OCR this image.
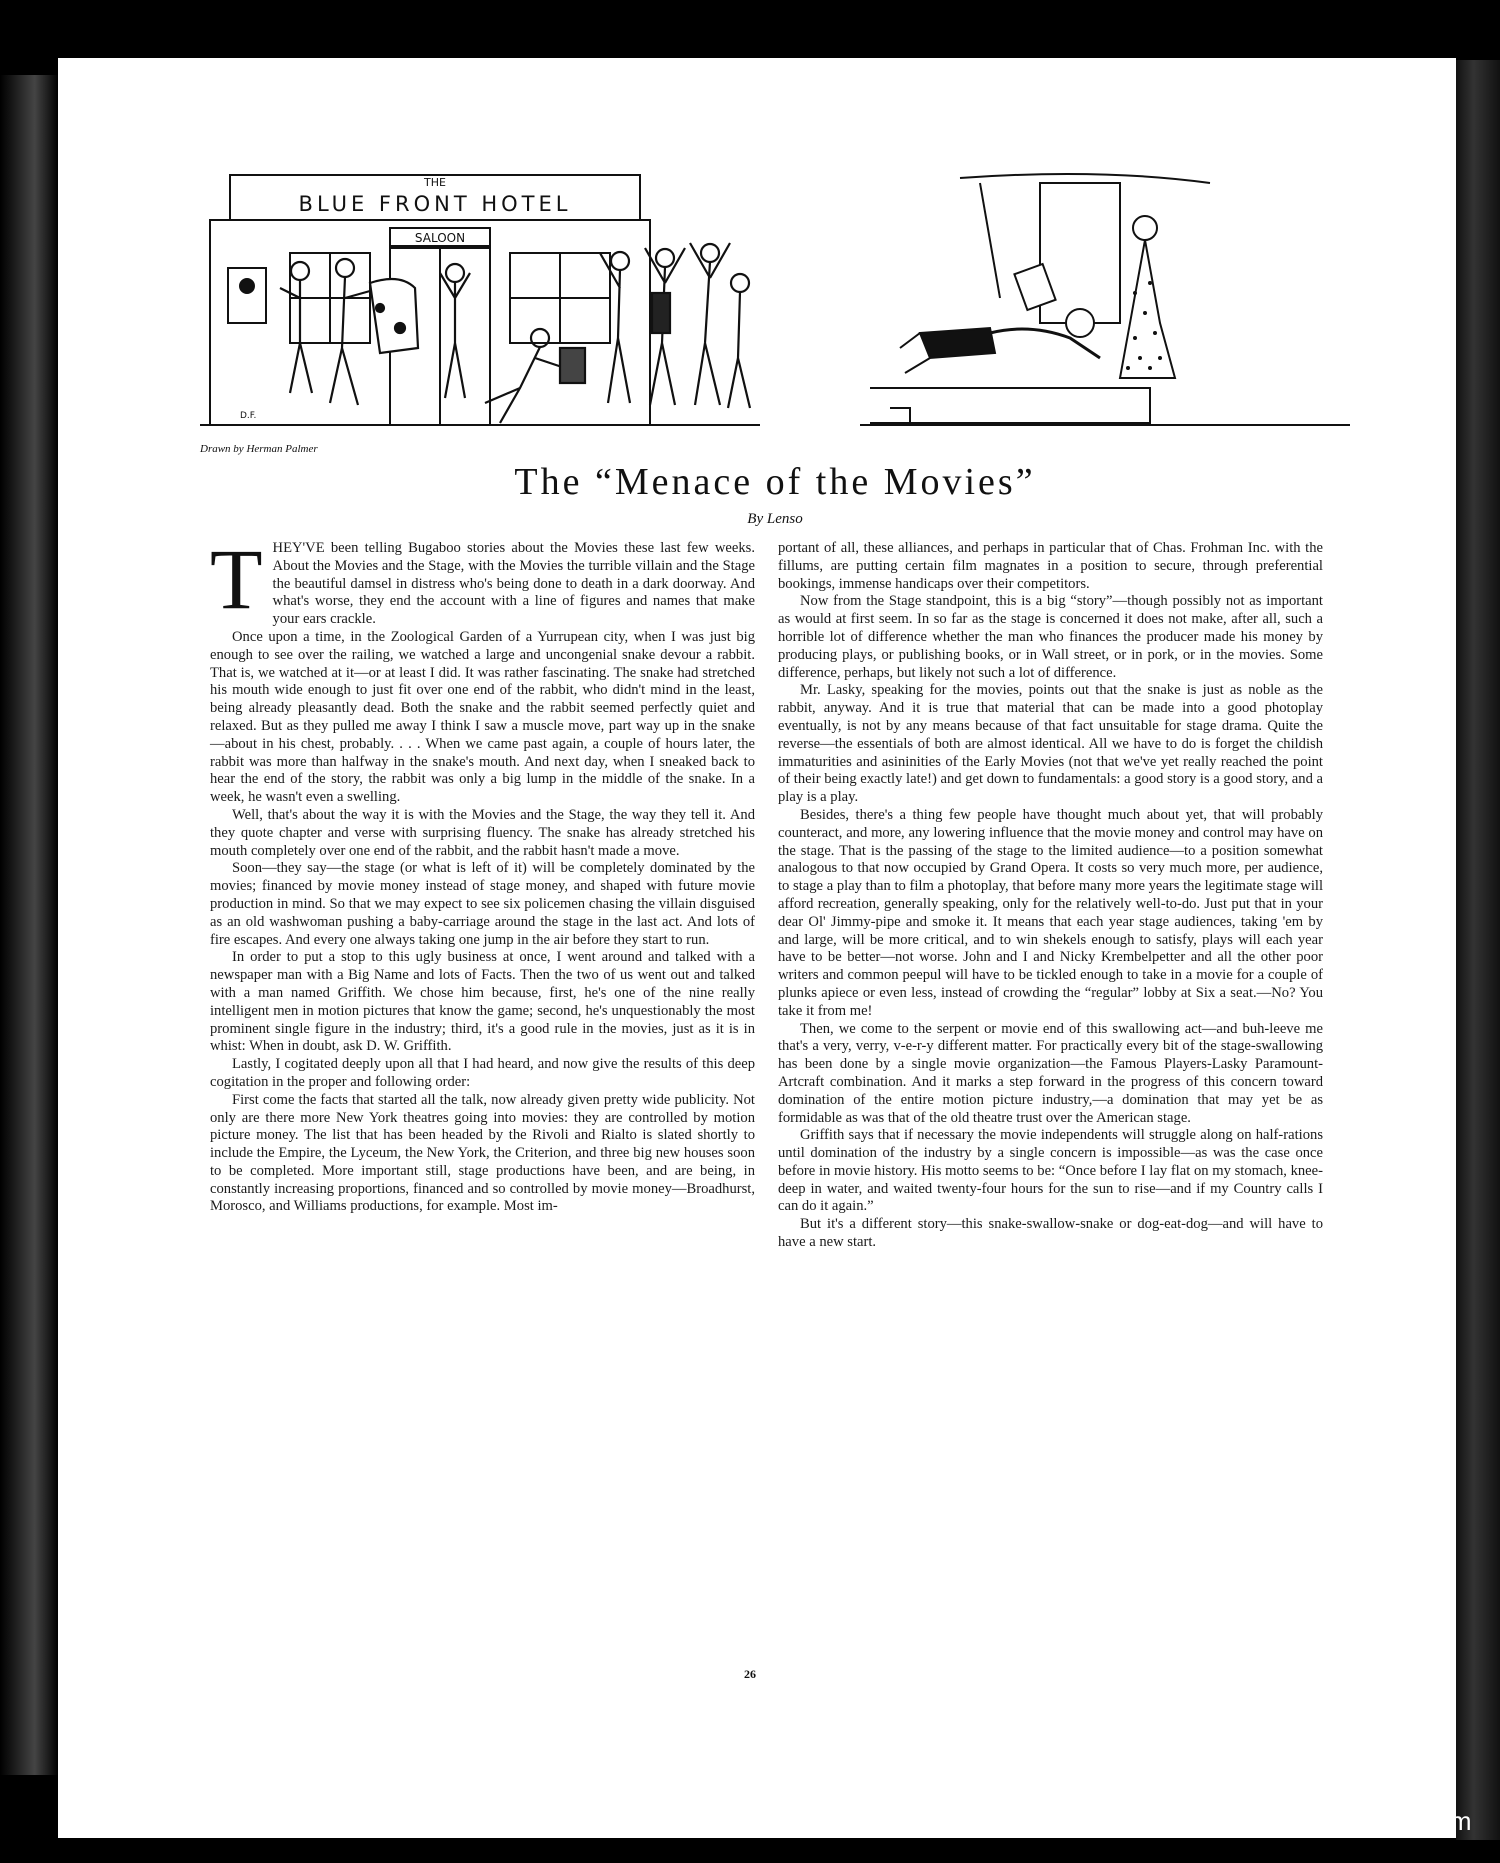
THE
BLUE FRONT HOTEL
SALOON
D.F.
Drawn by Herman Palmer
The “Menace of the Movies”
By Lenso

THEY'VE been telling Bugaboo stories about the Movies these last few weeks. About the Movies and the Stage, with the Movies the turrible villain and the Stage the beautiful damsel in distress who's being done to death in a dark doorway. And what's worse, they end the account with a line of figures and names that make your ears crackle.

Once upon a time, in the Zoological Garden of a Yurrupean city, when I was just big enough to see over the railing, we watched a large and uncongenial snake devour a rabbit. That is, we watched at it—or at least I did. It was rather fascinating. The snake had stretched his mouth wide enough to just fit over one end of the rabbit, who didn't mind in the least, being already pleasantly dead. Both the snake and the rabbit seemed perfectly quiet and relaxed. But as they pulled me away I think I saw a muscle move, part way up in the snake —about in his chest, probably. . . . When we came past again, a couple of hours later, the rabbit was more than halfway in the snake's mouth. And next day, when I sneaked back to hear the end of the story, the rabbit was only a big lump in the middle of the snake. In a week, he wasn't even a swelling.

Well, that's about the way it is with the Movies and the Stage, the way they tell it. And they quote chapter and verse with surprising fluency. The snake has already stretched his mouth completely over one end of the rabbit, and the rabbit hasn't made a move.

Soon—they say—the stage (or what is left of it) will be completely dominated by the movies; financed by movie money instead of stage money, and shaped with future movie production in mind. So that we may expect to see six policemen chasing the villain disguised as an old washwoman pushing a baby-carriage around the stage in the last act. And lots of fire escapes. And every one always taking one jump in the air before they start to run.

In order to put a stop to this ugly business at once, I went around and talked with a newspaper man with a Big Name and lots of Facts. Then the two of us went out and talked with a man named Griffith. We chose him because, first, he's one of the nine really intelligent men in motion pictures that know the game; second, he's unquestionably the most prominent single figure in the industry; third, it's a good rule in the movies, just as it is in whist: When in doubt, ask D. W. Griffith.

Lastly, I cogitated deeply upon all that I had heard, and now give the results of this deep cogitation in the proper and following order:

First come the facts that started all the talk, now already given pretty wide publicity. Not only are there more New York theatres going into movies: they are controlled by motion picture money. The list that has been headed by the Rivoli and Rialto is slated shortly to include the Empire, the Lyceum, the New York, the Criterion, and three big new houses soon to be completed. More important still, stage productions have been, and are being, in constantly increasing proportions, financed and so controlled by movie money—Broadhurst, Morosco, and Williams productions, for example. Most im-

portant of all, these alliances, and perhaps in particular that of Chas. Frohman Inc. with the fillums, are putting certain film magnates in a position to secure, through preferential bookings, immense handicaps over their competitors.

Now from the Stage standpoint, this is a big “story”—though possibly not as important as would at first seem. In so far as the stage is concerned it does not make, after all, such a horrible lot of difference whether the man who finances the producer made his money by producing plays, or publishing books, or in Wall street, or in pork, or in the movies. Some difference, perhaps, but likely not such a lot of difference.

Mr. Lasky, speaking for the movies, points out that the snake is just as noble as the rabbit, anyway. And it is true that material that can be made into a good photoplay eventually, is not by any means because of that fact unsuitable for stage drama. Quite the reverse—the essentials of both are almost identical. All we have to do is forget the childish immaturities and asininities of the Early Movies (not that we've yet really reached the point of their being exactly late!) and get down to fundamentals: a good story is a good story, and a play is a play.

Besides, there's a thing few people have thought much about yet, that will probably counteract, and more, any lowering influence that the movie money and control may have on the stage. That is the passing of the stage to the limited audience—to a position somewhat analogous to that now occupied by Grand Opera. It costs so very much more, per audience, to stage a play than to film a photoplay, that before many more years the legitimate stage will afford recreation, generally speaking, only for the relatively well-to-do. Just put that in your dear Ol' Jimmy-pipe and smoke it. It means that each year stage audiences, taking 'em by and large, will be more critical, and to win shekels enough to satisfy, plays will each year have to be better—not worse. John and I and Nicky Krembelpetter and all the other poor writers and common peepul will have to be tickled enough to take in a movie for a couple of plunks apiece or even less, instead of crowding the “regular” lobby at Six a seat.—No? You take it from me!

Then, we come to the serpent or movie end of this swallowing act—and buh-leeve me that's a very, verry, v-e-r-y different matter. For practically every bit of the stage-swallowing has been done by a single movie organization—the Famous Players-Lasky Paramount-Artcraft combination. And it marks a step forward in the progress of this concern toward domination of the entire motion picture industry,—a domination that may yet be as formidable as was that of the old theatre trust over the American stage.

Griffith says that if necessary the movie independents will struggle along on half-rations until domination of the industry by a single concern is impossible—as was the case once before in movie history. His motto seems to be: “Once before I lay flat on my stomach, knee-deep in water, and waited twenty-four hours for the sun to rise—and if my Country calls I can do it again.”

But it's a different story—this snake-swallow-snake or dog-eat-dog—and will have to have a new start.

26
comicbooks.com
